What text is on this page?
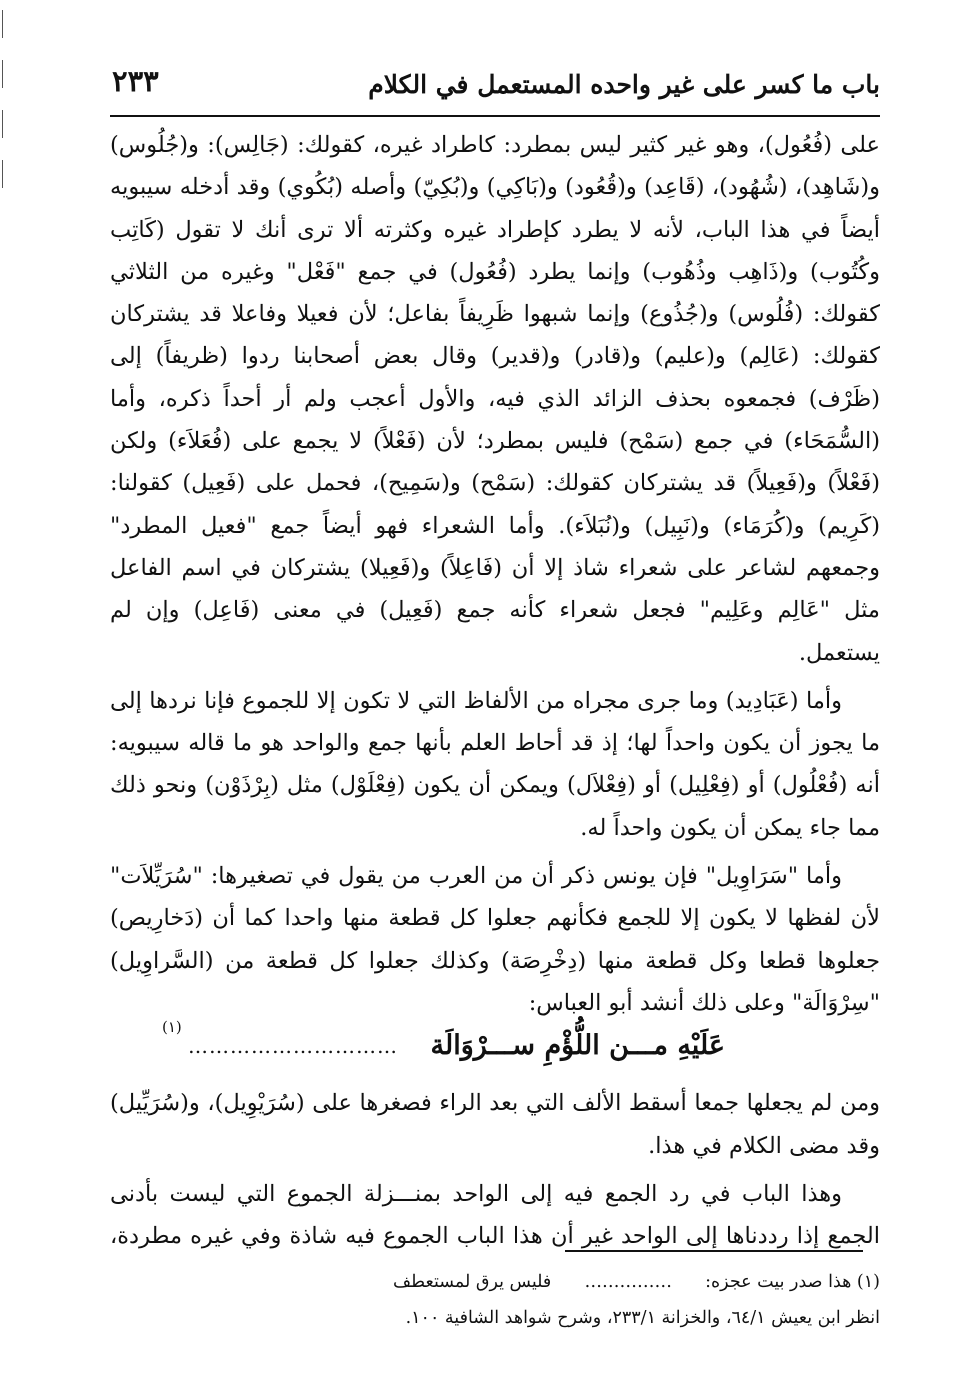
باب ما كسر على غير واحده المستعمل في الكلام
٢٣٣

على (فُعُول)، وهو غير كثير ليس بمطرد: كاطراد غيره، كقولك: (جَالِس): و(جُلُوس) و(شَاهِد)، (شُهُود)، (قَاعِد) و(قُعُود) و(بَاكِي) و(بُكِيّ) وأصله (بُكُوي) وقد أدخله سيبويه أيضاً في هذا الباب، لأنه لا يطرد كإطراد غيره وكثرته ألا ترى أنك لا تقول (كَاتِب وكُتُوب) و(ذَاهِب وذُهُوب) وإنما يطرد (فُعُول) في جمع "فَعْل" وغيره من الثلاثي كقولك: (فُلُوس) و(جُذُوع) وإنما شبهوا ظَرِيفاً بفاعل؛ لأن فعيلا وفاعلا قد يشتركان كقولك: (عَالِم) و(عليم) و(قادر) و(قدير) وقال بعض أصحابنا ردوا (ظريفاً) إلى (ظَرْف) فجمعوه بحذف الزائد الذي فيه، والأول أعجب ولم أر أحداً ذكره، وأما (السُّمَحَاء) في جمع (سَمْح) فليس بمطرد؛ لأن (فَعْلاً) لا يجمع على (فُعَلاَء) ولكن (فَعْلاً) و(فَعِيلاً) قد يشتركان كقولك: (سَمْح) و(سَمِيح)، فحمل على (فَعِيل) كقولنا: (كَرِيم) و(كُرَمَاء) و(نَبِيل) و(نُبَلاَء). وأما الشعراء فهو أيضاً جمع "فعيل المطرد" وجمعهم لشاعر على شعراء شاذ إلا أن (فَاعِلاً) و(فَعِيلا) يشتركان في اسم الفاعل مثل "عَالِم وعَلِيم" فجعل شعراء كأنه جمع (فَعِيل) في معنى (فَاعِل) وإن لم يستعمل.

وأما (عَبَادِيد) وما جرى مجراه من الألفاظ التي لا تكون إلا للجموع فإنا نردها إلى ما يجوز أن يكون واحداً لها؛ إذ قد أحاط العلم بأنها جمع والواحد هو ما قاله سيبويه: أنه (فُعْلُول) أو (فِعْلِيل) أو (فِعْلاَل) ويمكن أن يكون (فِعْلَوْل) مثل (بِرْذَوْن) ونحو ذلك مما جاء يمكن أن يكون واحداً له.

وأما "سَرَاوِيل" فإن يونس ذكر أن من العرب من يقول في تصغيرها: "سُرَيِّلاَت" لأن لفظها لا يكون إلا للجمع فكأنهم جعلوا كل قطعة منها واحدا كما أن (دَخارِيص) جعلوها قطعا وكل قطعة منها (دِخْرِصَة) وكذلك جعلوا كل قطعة من (السَّراوِيل) "سِرْوَالَة" وعلى ذلك أنشد أبو العباس:

عَلَيْهِ مـــن اللُّؤْمِ ســـرْوَالَة
…………………………
(١)

ومن لم يجعلها جمعا أسقط الألف التي بعد الراء فصغرها على (سُرَيْوِيل)، و(سُرَيِّيل) وقد مضى الكلام في هذا.

وهذا الباب في رد الجمع فيه إلى الواحد بمنـــزلة الجموع التي ليست بأدنى الجمع إذا رددناها إلى الواحد غير أن هذا الباب الجموع فيه شاذة وفي غيره مطردة،

(١) هذا صدر بيت عجزه:  ……………  فليس يرق لمستعطف

انظر ابن يعيش ٦٤/١، والخزانة ٢٣٣/١، وشرح شواهد الشافية ١٠٠.
